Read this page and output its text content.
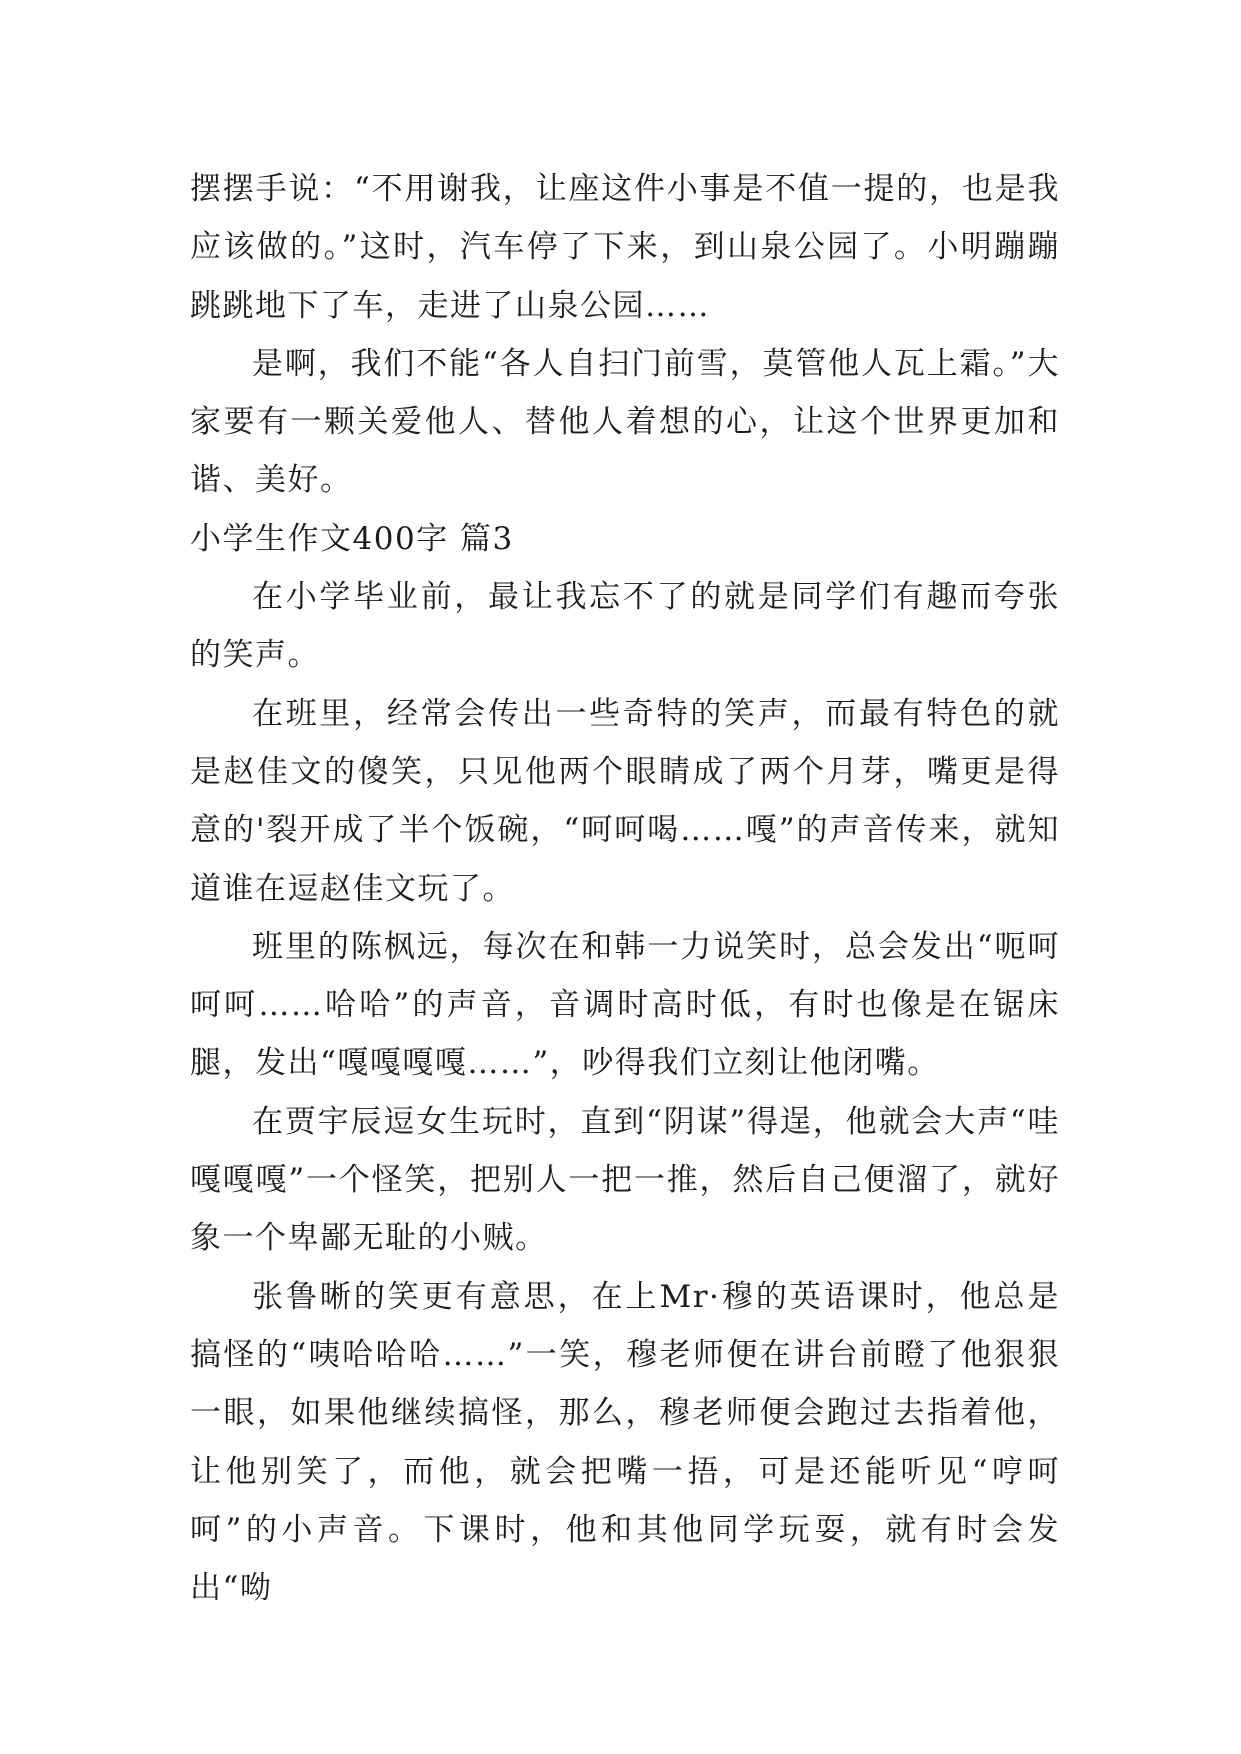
摆摆手说：“不用谢我，让座这件小事是不值一提的，也是我应该做的。”这时，汽车停了下来，到山泉公园了。小明蹦蹦跳跳地下了车，走进了山泉公园……

是啊，我们不能“各人自扫门前雪，莫管他人瓦上霜。”大家要有一颗关爱他人、替他人着想的心，让这个世界更加和谐、美好。

小学生作文400字 篇3

在小学毕业前，最让我忘不了的就是同学们有趣而夸张的笑声。

在班里，经常会传出一些奇特的笑声，而最有特色的就是赵佳文的傻笑，只见他两个眼睛成了两个月芽，嘴更是得意的'裂开成了半个饭碗，“呵呵喝……嘎”的声音传来，就知道谁在逗赵佳文玩了。

班里的陈枫远，每次在和韩一力说笑时，总会发出“呃呵呵呵……哈哈”的声音，音调时高时低，有时也像是在锯床腿，发出“嘎嘎嘎嘎……”，吵得我们立刻让他闭嘴。

在贾宇辰逗女生玩时，直到“阴谋”得逞，他就会大声“哇嘎嘎嘎”一个怪笑，把别人一把一推，然后自己便溜了，就好象一个卑鄙无耻的小贼。

张鲁晰的笑更有意思，在上Mr·穆的英语课时，他总是搞怪的“咦哈哈哈……”一笑，穆老师便在讲台前瞪了他狠狠一眼，如果他继续搞怪，那么，穆老师便会跑过去指着他，让他别笑了，而他，就会把嘴一捂，可是还能听见“哼呵呵”的小声音。下课时，他和其他同学玩耍，就有时会发出“呦
